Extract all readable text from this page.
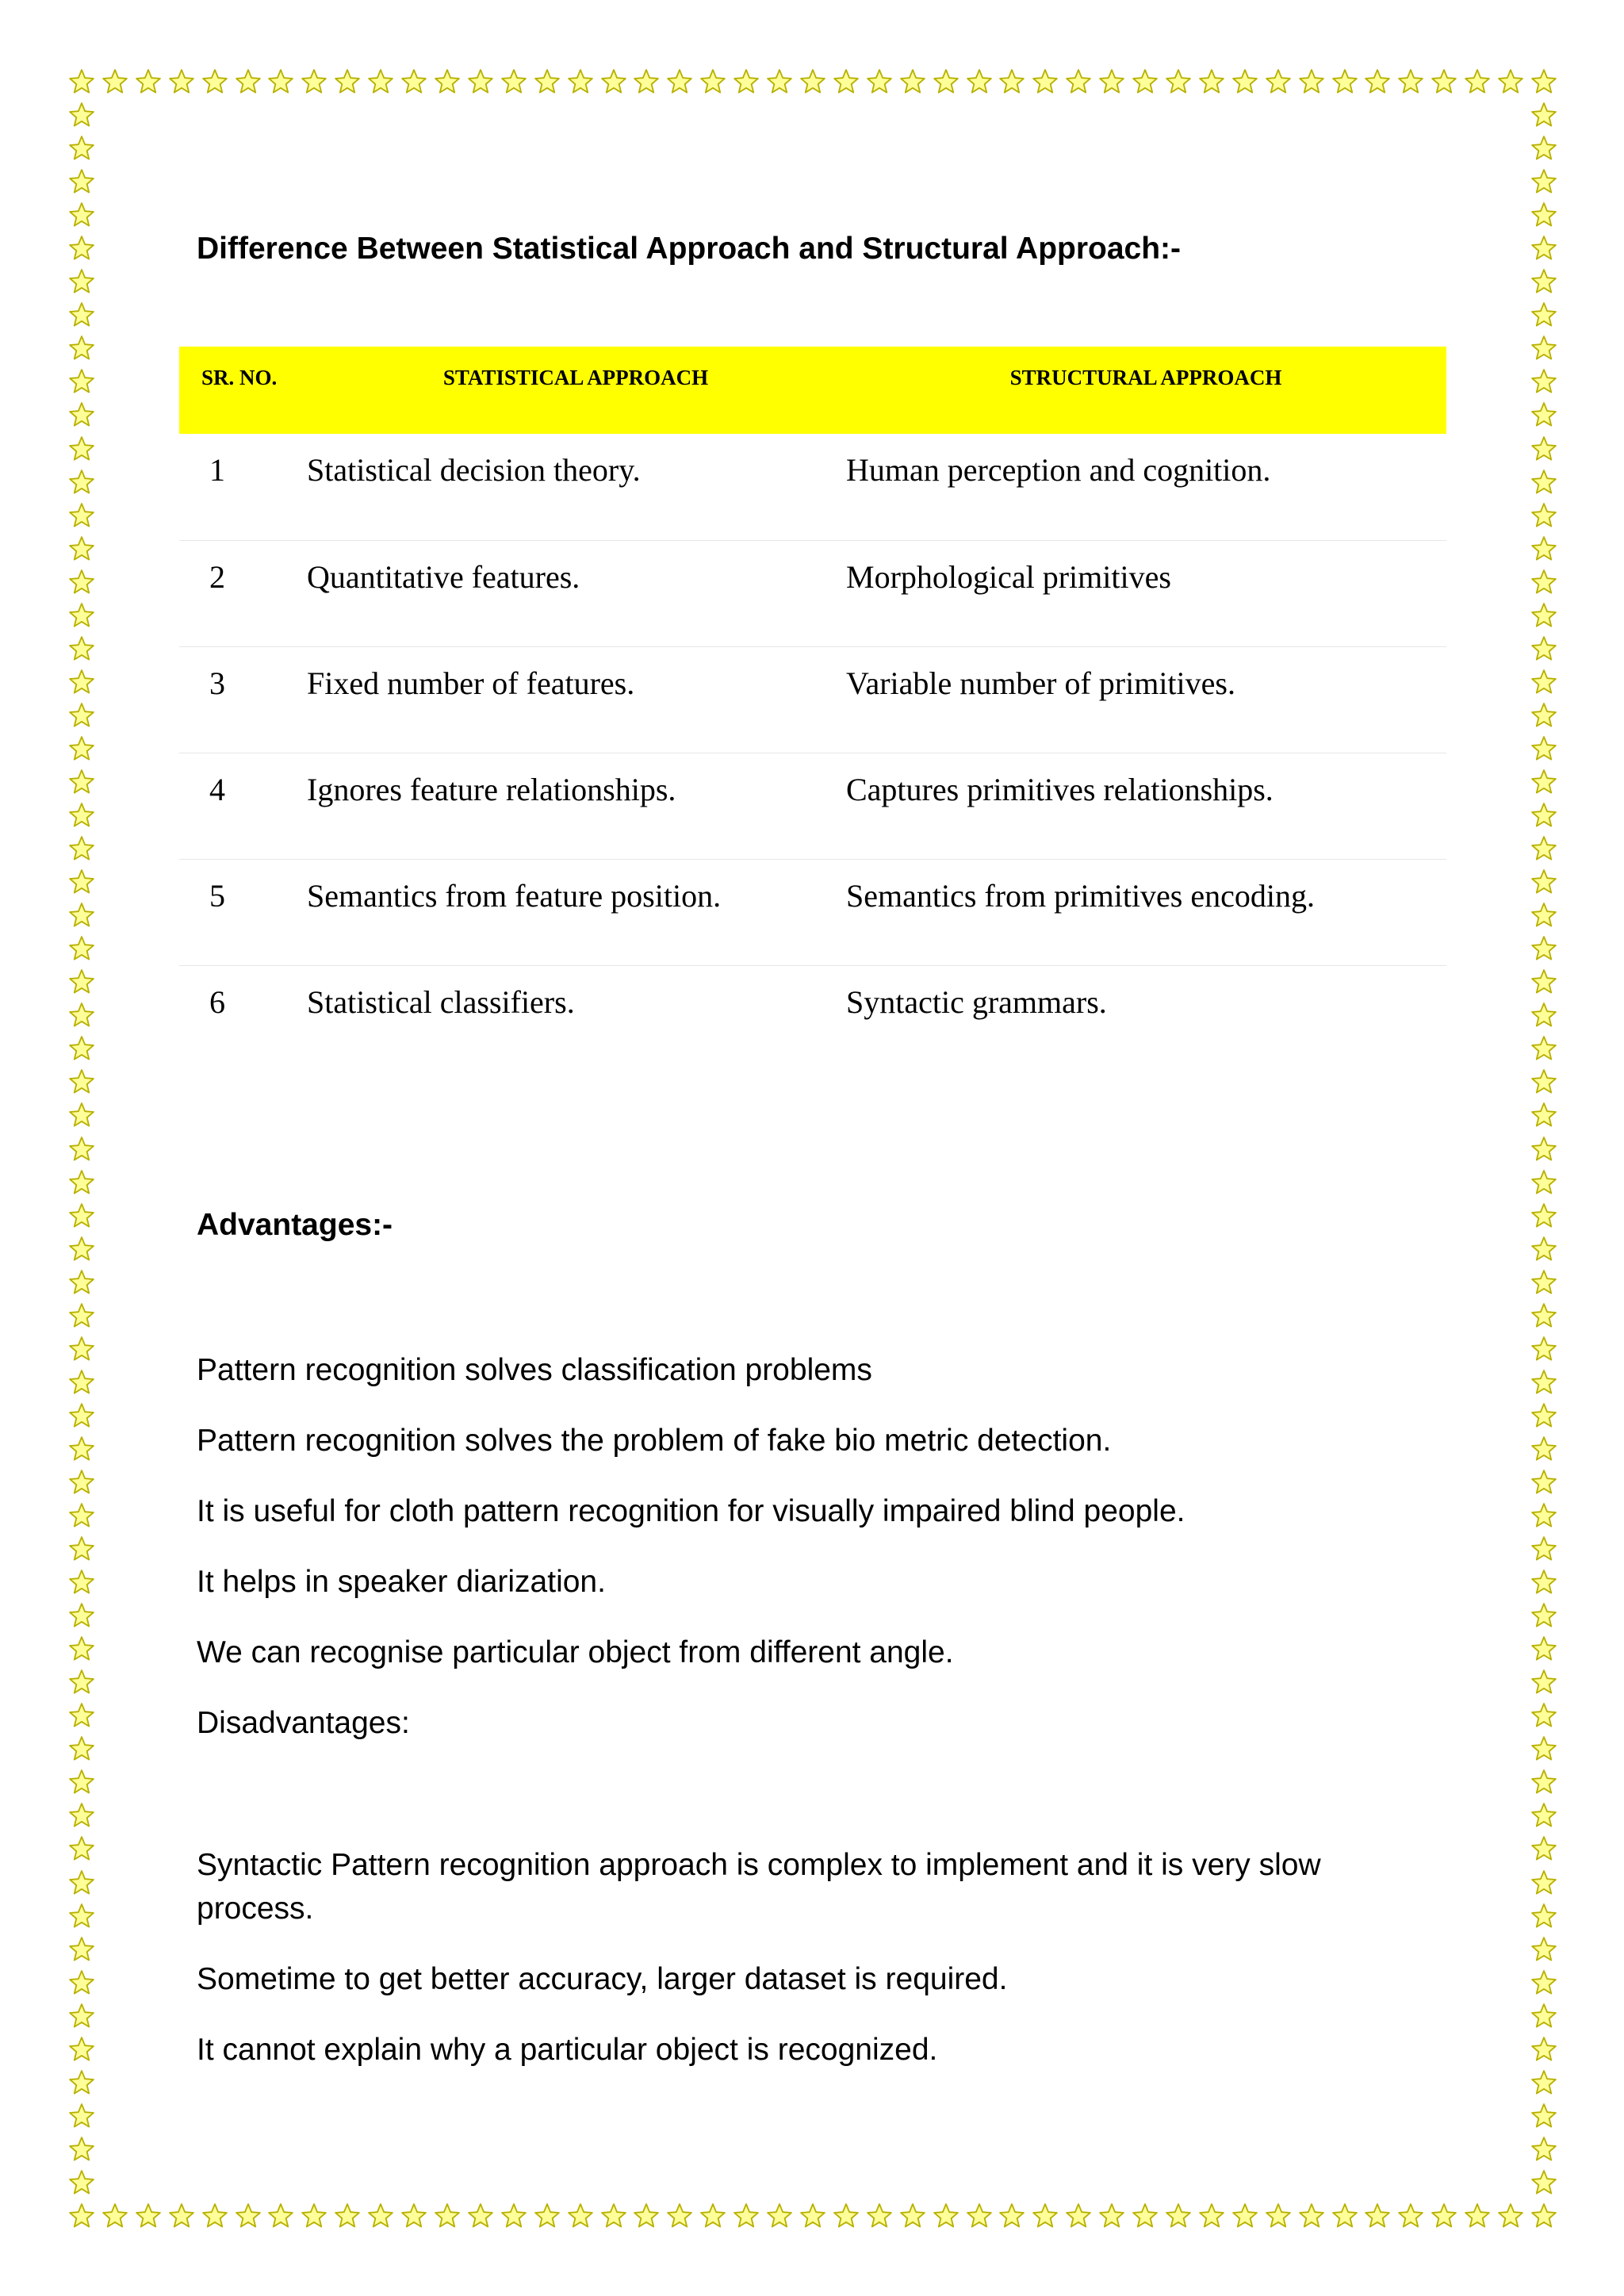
Difference Between Statistical Approach and Structural Approach:-
SR. NO.	STATISTICAL APPROACH	STRUCTURAL APPROACH
1	Statistical decision theory.	Human perception and cognition.
2	Quantitative features.	Morphological primitives
3	Fixed number of features.	Variable number of primitives.
4	Ignores feature relationships.	Captures primitives relationships.
5	Semantics from feature position.	Semantics from primitives encoding.
6	Statistical classifiers.	Syntactic grammars.
Advantages:-
Pattern recognition solves classification problems
Pattern recognition solves the problem of fake bio metric detection.
It is useful for cloth pattern recognition for visually impaired blind people.
It helps in speaker diarization.
We can recognise particular object from different angle.
Disadvantages:
Syntactic Pattern recognition approach is complex to implement and it is very slow process.
Sometime to get better accuracy, larger dataset is required.
It cannot explain why a particular object is recognized.
